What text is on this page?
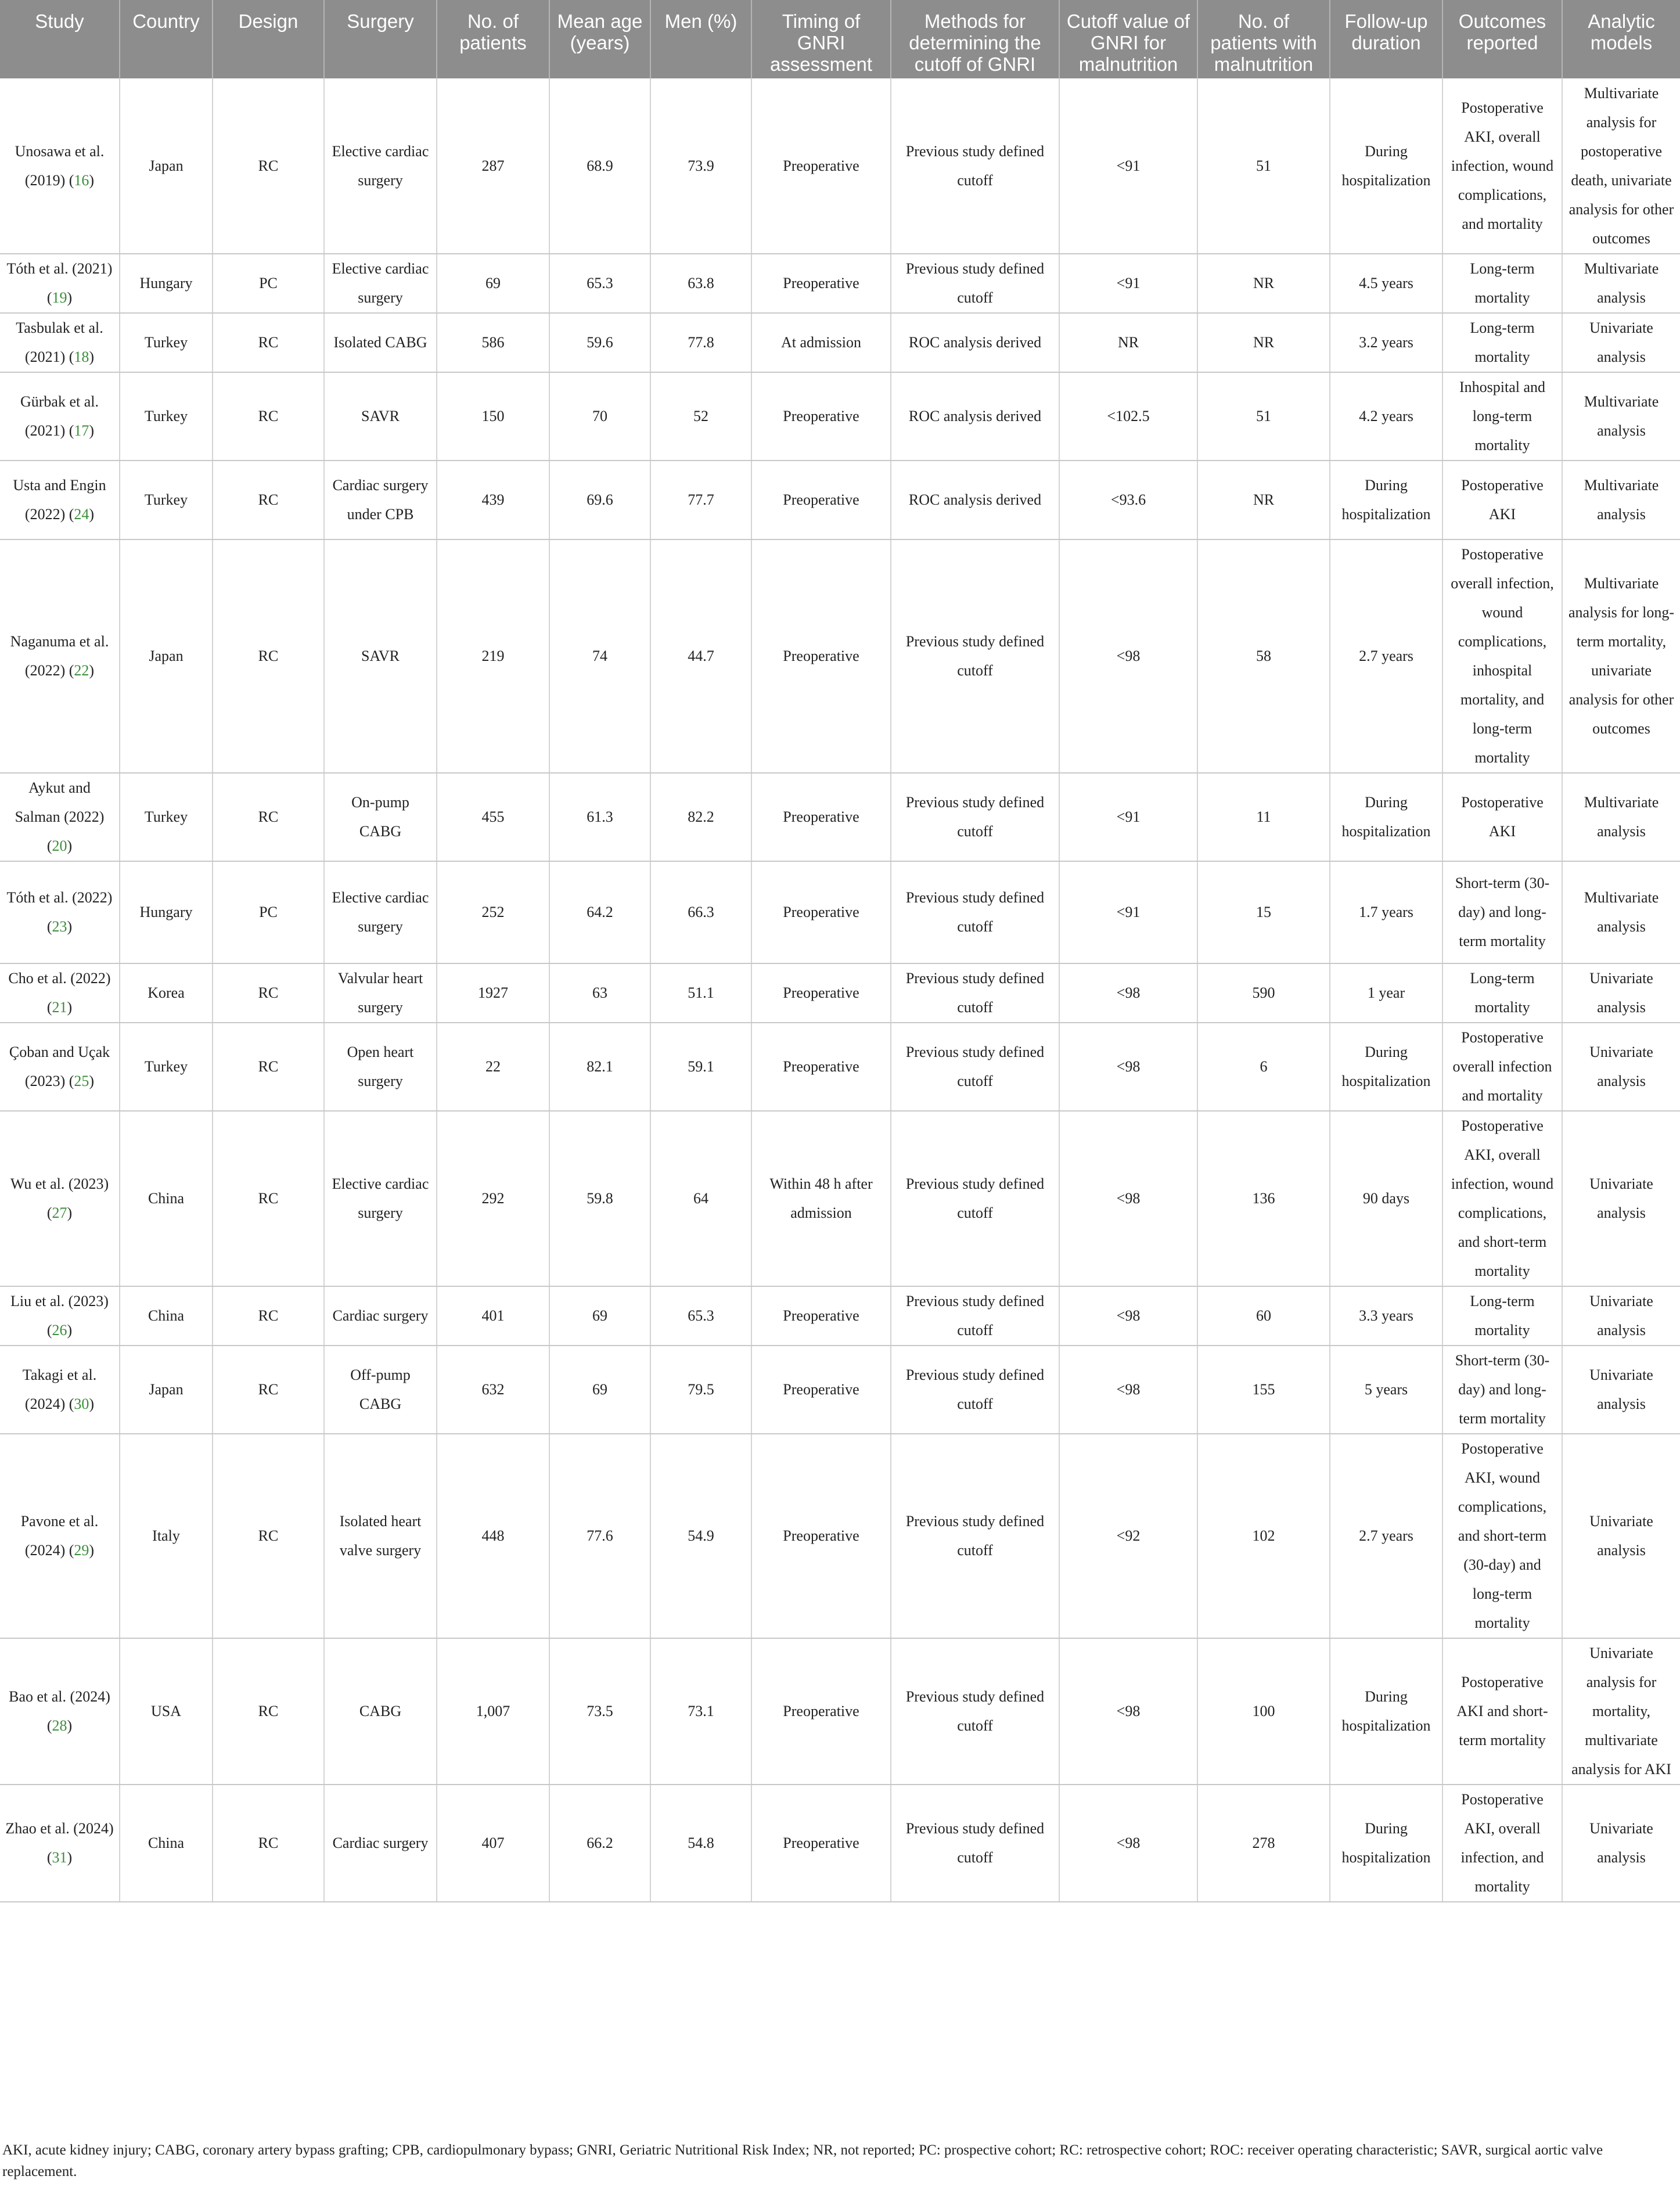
Study	Country	Design	Surgery	No. of patients	Mean age (years)	Men (%)	Timing of GNRI assessment	Methods for determining the cutoff of GNRI	Cutoff value of GNRI for malnutrition	No. of patients with malnutrition	Follow-up duration	Outcomes reported	Analytic models
Unosawa et al. (2019) (16)	Japan	RC	Elective cardiac surgery	287	68.9	73.9	Preoperative	Previous study defined cutoff	<91	51	During hospitalization	Postoperative AKI, overall infection, wound complications, and mortality	Multivariate analysis for postoperative death, univariate analysis for other outcomes
Tóth et al. (2021) (19)	Hungary	PC	Elective cardiac surgery	69	65.3	63.8	Preoperative	Previous study defined cutoff	<91	NR	4.5 years	Long-term mortality	Multivariate analysis
Tasbulak et al. (2021) (18)	Turkey	RC	Isolated CABG	586	59.6	77.8	At admission	ROC analysis derived	NR	NR	3.2 years	Long-term mortality	Univariate analysis
Gürbak et al. (2021) (17)	Turkey	RC	SAVR	150	70	52	Preoperative	ROC analysis derived	<102.5	51	4.2 years	Inhospital and long-term mortality	Multivariate analysis
Usta and Engin (2022) (24)	Turkey	RC	Cardiac surgery under CPB	439	69.6	77.7	Preoperative	ROC analysis derived	<93.6	NR	During hospitalization	Postoperative AKI	Multivariate analysis
Naganuma et al. (2022) (22)	Japan	RC	SAVR	219	74	44.7	Preoperative	Previous study defined cutoff	<98	58	2.7 years	Postoperative overall infection, wound complications, inhospital mortality, and long-term mortality	Multivariate analysis for long-term mortality, univariate analysis for other outcomes
Aykut and Salman (2022) (20)	Turkey	RC	On-pump CABG	455	61.3	82.2	Preoperative	Previous study defined cutoff	<91	11	During hospitalization	Postoperative AKI	Multivariate analysis
Tóth et al. (2022) (23)	Hungary	PC	Elective cardiac surgery	252	64.2	66.3	Preoperative	Previous study defined cutoff	<91	15	1.7 years	Short-term (30-day) and long-term mortality	Multivariate analysis
Cho et al. (2022) (21)	Korea	RC	Valvular heart surgery	1927	63	51.1	Preoperative	Previous study defined cutoff	<98	590	1 year	Long-term mortality	Univariate analysis
Çoban and Uçak (2023) (25)	Turkey	RC	Open heart surgery	22	82.1	59.1	Preoperative	Previous study defined cutoff	<98	6	During hospitalization	Postoperative overall infection and mortality	Univariate analysis
Wu et al. (2023) (27)	China	RC	Elective cardiac surgery	292	59.8	64	Within 48 h after admission	Previous study defined cutoff	<98	136	90 days	Postoperative AKI, overall infection, wound complications, and short-term mortality	Univariate analysis
Liu et al. (2023) (26)	China	RC	Cardiac surgery	401	69	65.3	Preoperative	Previous study defined cutoff	<98	60	3.3 years	Long-term mortality	Univariate analysis
Takagi et al. (2024) (30)	Japan	RC	Off-pump CABG	632	69	79.5	Preoperative	Previous study defined cutoff	<98	155	5 years	Short-term (30-day) and long-term mortality	Univariate analysis
Pavone et al. (2024) (29)	Italy	RC	Isolated heart valve surgery	448	77.6	54.9	Preoperative	Previous study defined cutoff	<92	102	2.7 years	Postoperative AKI, wound complications, and short-term (30-day) and long-term mortality	Univariate analysis
Bao et al. (2024) (28)	USA	RC	CABG	1,007	73.5	73.1	Preoperative	Previous study defined cutoff	<98	100	During hospitalization	Postoperative AKI and short-term mortality	Univariate analysis for mortality, multivariate analysis for AKI
Zhao et al. (2024) (31)	China	RC	Cardiac surgery	407	66.2	54.8	Preoperative	Previous study defined cutoff	<98	278	During hospitalization	Postoperative AKI, overall infection, and mortality	Univariate analysis
AKI, acute kidney injury; CABG, coronary artery bypass grafting; CPB, cardiopulmonary bypass; GNRI, Geriatric Nutritional Risk Index; NR, not reported; PC: prospective cohort; RC: retrospective cohort; ROC: receiver operating characteristic; SAVR, surgical aortic valve replacement.
